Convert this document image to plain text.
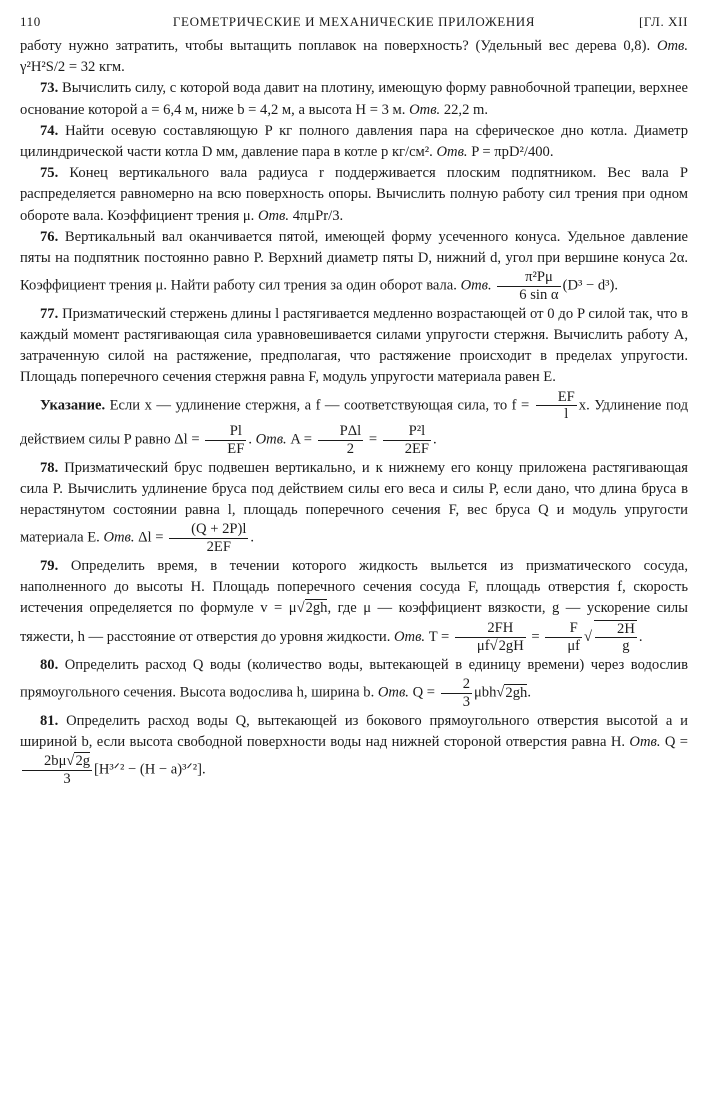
110	ГЕОМЕТРИЧЕСКИЕ И МЕХАНИЧЕСКИЕ ПРИЛОЖЕНИЯ	[ГЛ. XII

работу нужно затратить, чтобы вытащить поплавок на поверхность? (Удельный вес дерева 0,8). Отв. γ²H²S/2 = 32 кгм.

73. Вычислить силу, с которой вода давит на плотину, имеющую форму равнобочной трапеции, верхнее основание которой a = 6,4 м, ниже b = 4,2 м, а высота H = 3 м. Отв. 22,2 m.

74. Найти осевую составляющую P кг полного давления пара на сферическое дно котла. Диаметр цилиндрической части котла D мм, давление пара в котле p кг/см². Отв. P = πpD²/400.

75. Конец вертикального вала радиуса r поддерживается плоским подпятником. Вес вала P распределяется равномерно на всю поверхность опоры. Вычислить полную работу сил трения при одном обороте вала. Коэффициент трения μ. Отв. 4πμPr/3.

76. Вертикальный вал оканчивается пятой, имеющей форму усеченного конуса. Удельное давление пяты на подпятник постоянно равно P. Верхний диаметр пяты D, нижний d, угол при вершине конуса 2α. Коэффициент трения μ. Найти работу сил трения за один оборот вала. Отв. $\frac{\text{π²Pμ}}{\text{6 sin α}} (D^3 - d^3)$.

77. Призматический стержень длины l растягивается медленно возрастающей от 0 до P силой так, что в каждый момент растягивающая сила уравновешивается силами упругости стержня. Вычислить работу A, затраченную силой на растяжение, предполагая, что растяжение происходит в пределах упругости. Площадь поперечного сечения стержня равна F, модуль упругости материала равен E.

Указание. Если x — удлинение стержня, а f — соответствующая сила, то $f = \frac{EF}{l} x$. Удлинение под действием силы P равно $\Delta l = \frac{Pl}{EF}$ . Отв. $A = \frac{\text{PΔl}}{2} = \frac{\text{P²l}}{2EF}$ .

78. Призматический брус подвешен вертикально, и к нижнему его концу приложена растягивающая сила P. Вычислить удлинение бруса под действием силы его веса и силы P, если дано, что длина бруса в нерастянутом состоянии равна l, площадь поперечного сечения F, вес бруса Q и модуль упругости материала E. Отв. $\Delta l = \frac{(Q + 2P)l}{2EF}$ .

79. Определить время, в течении которого жидкость выльется из призматического сосуда, наполненного до высоты H. Площадь поперечного сечения сосуда F, площадь отверстия f, скорость истечения определяется по формуле v = μ√2gh, где μ — коэффициент вязкости, g — ускорение силы тяжести, h — расстояние от отверстия до уровня жидкости. Отв. $T = \frac{2FH}{\mu f√2gH} = \frac{F}{\mu f}$ √ $\frac{2H}{g}$ .

80. Определить расход Q воды (количество воды, вытекающей в единицу времени) через водослив прямоугольного сечения. Высота водослива h, ширина b. Отв. $Q = \frac{2}{3} \mu bh√2gh$.

81. Определить расход воды Q, вытекающей из бокового прямоугольного отверстия высотой a и шириной b, если высота свободной поверхности воды над нижней стороной отверстия равна H. Отв. Q =
$\frac{2b\mu√2g}{3}$ [H³ᐟ² − (H − a)³ᐟ²].
